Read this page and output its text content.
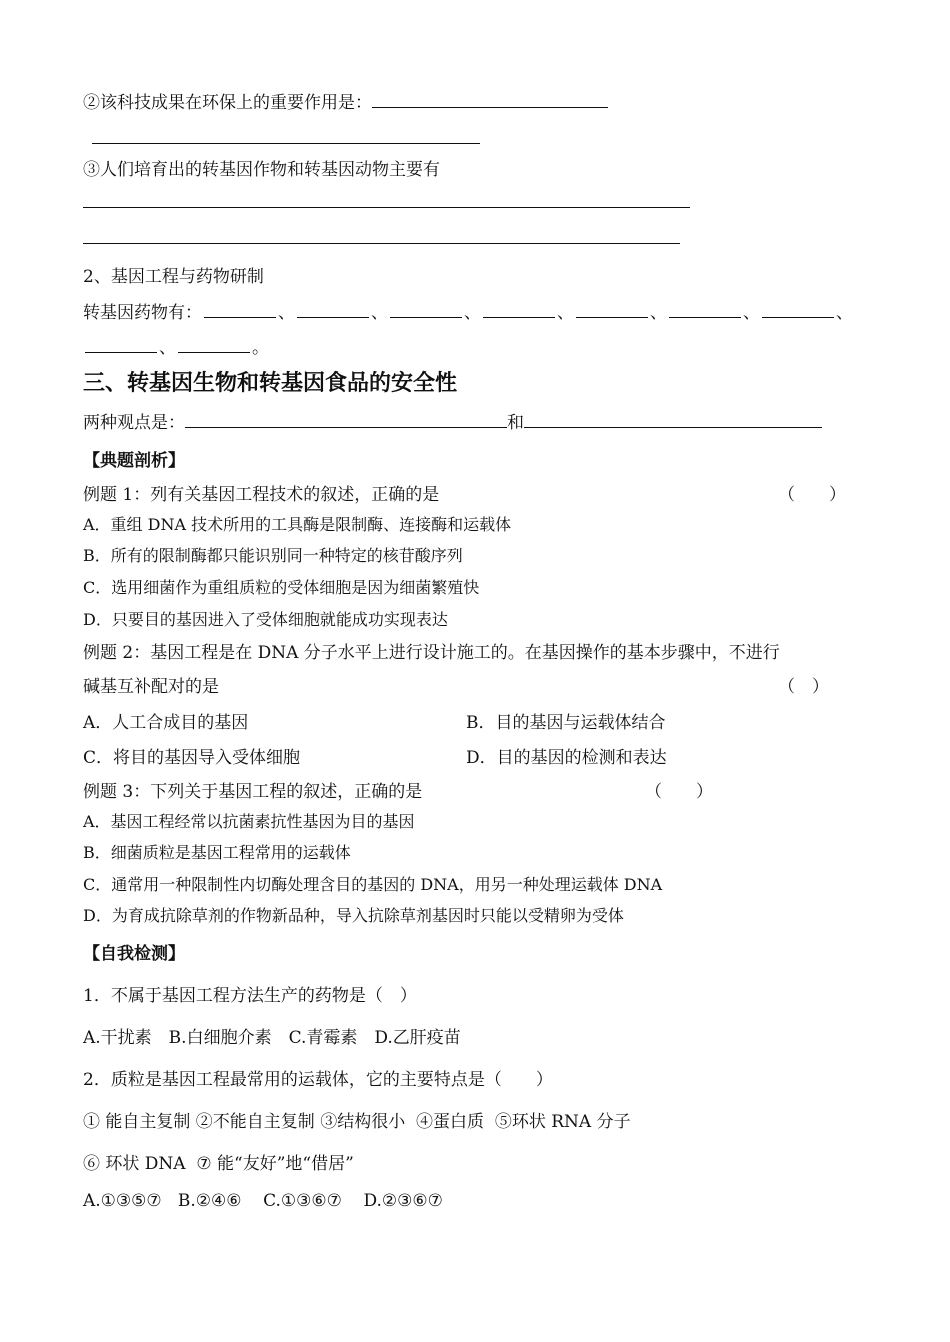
②该科技成果在环保上的重要作用是：
③人们培育出的转基因作物和转基因动物主要有
2、基因工程与药物研制
转基因药物有：	、	、	、	、	、	、	、
、	。
三、转基因生物和转基因食品的安全性
两种观点是：	和
【典题剖析】
例题 1：列有关基因工程技术的叙述，正确的是	（　　）
A．重组 DNA 技术所用的工具酶是限制酶、连接酶和运载体
B．所有的限制酶都只能识别同一种特定的核苷酸序列
C．选用细菌作为重组质粒的受体细胞是因为细菌繁殖快
D．只要目的基因进入了受体细胞就能成功实现表达
例题 2：基因工程是在 DNA 分子水平上进行设计施工的。在基因操作的基本步骤中，不进行
碱基互补配对的是	（　）
A．人工合成目的基因	B．目的基因与运载体结合
C．将目的基因导入受体细胞	D．目的基因的检测和表达
例题 3：下列关于基因工程的叙述，正确的是	（　　）
A．基因工程经常以抗菌素抗性基因为目的基因
B．细菌质粒是基因工程常用的运载体
C．通常用一种限制性内切酶处理含目的基因的 DNA，用另一种处理运载体 DNA
D．为育成抗除草剂的作物新品种，导入抗除草剂基因时只能以受精卵为受体
【自我检测】
1．不属于基因工程方法生产的药物是（　）
A.干扰素　B.白细胞介素　C.青霉素　D.乙肝疫苗
2．质粒是基因工程最常用的运载体，它的主要特点是（　　）
① 能自主复制 ②不能自主复制 ③结构很小  ④蛋白质  ⑤环状 RNA 分子
⑥ 环状 DNA  ⑦ 能“友好”地“借居”
A.①③⑤⑦   B.②④⑥    C.①③⑥⑦    D.②③⑥⑦
